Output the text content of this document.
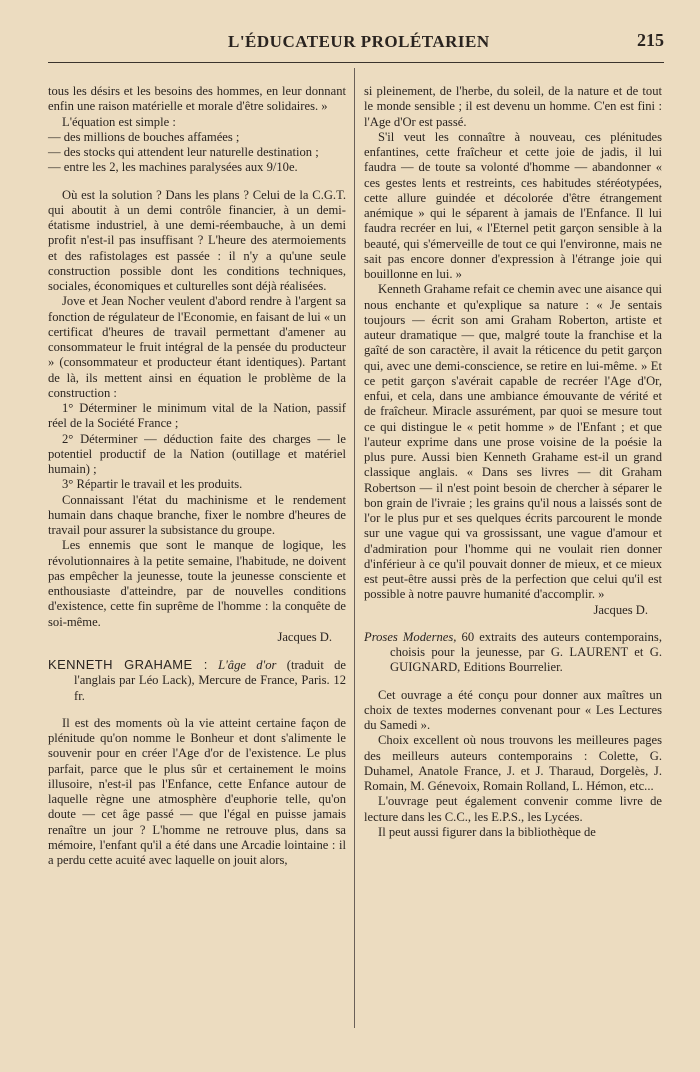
L'ÉDUCATEUR PROLÉTARIEN	215

tous les désirs et les besoins des hommes, en leur donnant enfin une raison matérielle et morale d'être solidaires. »

L'équation est simple :

— des millions de bouches affamées ;

— des stocks qui attendent leur naturelle destination ;

— entre les 2, les machines paralysées aux 9/10e.

Où est la solution ? Dans les plans ? Celui de la C.G.T. qui aboutit à un demi contrôle financier, à un demi-étatisme industriel, à une demi-réembauche, à un demi profit n'est-il pas insuffisant ? L'heure des atermoiements et des rafistolages est passée : il n'y a qu'une seule construction possible dont les conditions techniques, sociales, économiques et culturelles sont déjà réalisées.

Jove et Jean Nocher veulent d'abord rendre à l'argent sa fonction de régulateur de l'Economie, en faisant de lui « un certificat d'heures de travail permettant d'amener au consommateur le fruit intégral de la pensée du producteur » (consommateur et producteur étant identiques). Partant de là, ils mettent ainsi en équation le problème de la construction :

1° Déterminer le minimum vital de la Nation, passif réel de la Société France ;

2° Déterminer — déduction faite des charges — le potentiel productif de la Nation (outillage et matériel humain) ;

3° Répartir le travail et les produits.

Connaissant l'état du machinisme et le rendement humain dans chaque branche, fixer le nombre d'heures de travail pour assurer la subsistance du groupe.

Les ennemis que sont le manque de logique, les révolutionnaires à la petite semaine, l'habitude, ne doivent pas empêcher la jeunesse, toute la jeunesse consciente et enthousiaste d'atteindre, par de nouvelles conditions d'existence, cette fin suprême de l'homme : la conquête de soi-même.

Jacques D.

KENNETH GRAHAME : L'âge d'or (traduit de l'anglais par Léo Lack), Mercure de France, Paris. 12 fr.

Il est des moments où la vie atteint certaine façon de plénitude qu'on nomme le Bonheur et dont s'alimente le souvenir pour en créer l'Age d'or de l'existence. Le plus parfait, parce que le plus sûr et certainement le moins illusoire, n'est-il pas l'Enfance, cette Enfance autour de laquelle règne une atmosphère d'euphorie telle, qu'on doute — cet âge passé — que l'égal en puisse jamais renaître un jour ? L'homme ne retrouve plus, dans sa mémoire, l'enfant qu'il a été dans une Arcadie lointaine : il a perdu cette acuité avec laquelle on jouit alors,

si pleinement, de l'herbe, du soleil, de la nature et de tout le monde sensible ; il est devenu un homme. C'en est fini : l'Age d'Or est passé.

S'il veut les connaître à nouveau, ces plénitudes enfantines, cette fraîcheur et cette joie de jadis, il lui faudra — de toute sa volonté d'homme — abandonner « ces gestes lents et restreints, ces habitudes stéréotypées, cette allure guindée et décolorée d'être étrangement anémique » qui le séparent à jamais de l'Enfance. Il lui faudra recréer en lui, « l'Eternel petit garçon sensible à la beauté, qui s'émerveille de tout ce qui l'environne, mais ne sait pas encore donner d'expression à l'étrange joie qui bouillonne en lui. »

Kenneth Grahame refait ce chemin avec une aisance qui nous enchante et qu'explique sa nature : « Je sentais toujours — écrit son ami Graham Roberton, artiste et auteur dramatique — que, malgré toute la franchise et la gaîté de son caractère, il avait la réticence du petit garçon qui, avec une demi-conscience, se retire en lui-même. » Et ce petit garçon s'avérait capable de recréer l'Age d'Or, enfui, et cela, dans une ambiance émouvante de vérité et de fraîcheur. Miracle assurément, par quoi se mesure tout ce qui distingue le « petit homme » de l'Enfant ; et que l'auteur exprime dans une prose voisine de la poésie la plus pure. Aussi bien Kenneth Grahame est-il un grand classique anglais. « Dans ses livres — dit Graham Robertson — il n'est point besoin de chercher à séparer le bon grain de l'ivraie ; les grains qu'il nous a laissés sont de l'or le plus pur et ses quelques écrits parcourent le monde sur une vague qui va grossissant, une vague d'amour et d'admiration pour l'homme qui ne voulait rien donner d'inférieur à ce qu'il pouvait donner de mieux, et ce mieux est peut-être aussi près de la perfection que celui qu'il est possible à notre pauvre humanité d'accomplir. »

Jacques D.

Proses Modernes, 60 extraits des auteurs contemporains, choisis pour la jeunesse, par G. LAURENT et G. GUIGNARD, Editions Bourrelier.

Cet ouvrage a été conçu pour donner aux maîtres un choix de textes modernes convenant pour « Les Lectures du Samedi ».

Choix excellent où nous trouvons les meilleures pages des meilleurs auteurs contemporains : Colette, G. Duhamel, Anatole France, J. et J. Tharaud, Dorgelès, J. Romain, M. Génevoix, Romain Rolland, L. Hémon, etc...

L'ouvrage peut également convenir comme livre de lecture dans les C.C., les E.P.S., les Lycées.

Il peut aussi figurer dans la bibliothèque de
